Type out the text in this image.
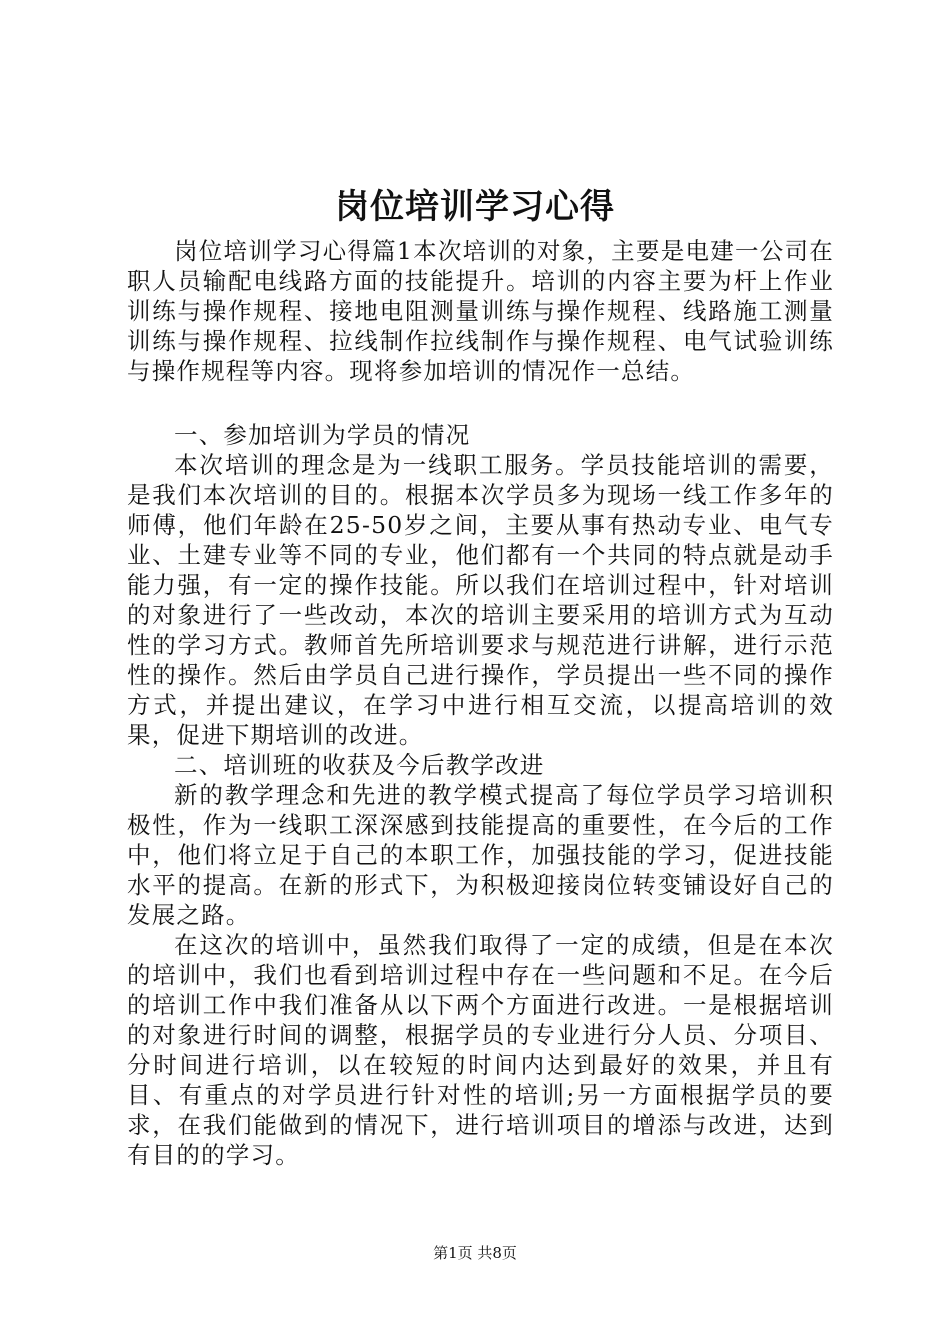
岗位培训学习心得

岗位培训学习心得篇1本次培训的对象，主要是电建一公司在职人员输配电线路方面的技能提升。培训的内容主要为杆上作业训练与操作规程、接地电阻测量训练与操作规程、线路施工测量训练与操作规程、拉线制作拉线制作与操作规程、电气试验训练与操作规程等内容。现将参加培训的情况作一总结。

一、参加培训为学员的情况

本次培训的理念是为一线职工服务。学员技能培训的需要，是我们本次培训的目的。根据本次学员多为现场一线工作多年的师傅，他们年龄在25-50岁之间，主要从事有热动专业、电气专业、土建专业等不同的专业，他们都有一个共同的特点就是动手能力强，有一定的操作技能。所以我们在培训过程中，针对培训的对象进行了一些改动，本次的培训主要采用的培训方式为互动性的学习方式。教师首先所培训要求与规范进行讲解，进行示范性的操作。然后由学员自己进行操作，学员提出一些不同的操作方式，并提出建议，在学习中进行相互交流，以提高培训的效果，促进下期培训的改进。

二、培训班的收获及今后教学改进

新的教学理念和先进的教学模式提高了每位学员学习培训积极性，作为一线职工深深感到技能提高的重要性，在今后的工作中，他们将立足于自己的本职工作，加强技能的学习，促进技能水平的提高。在新的形式下，为积极迎接岗位转变铺设好自己的发展之路。

在这次的培训中，虽然我们取得了一定的成绩，但是在本次的培训中，我们也看到培训过程中存在一些问题和不足。在今后的培训工作中我们准备从以下两个方面进行改进。一是根据培训的对象进行时间的调整，根据学员的专业进行分人员、分项目、分时间进行培训，以在较短的时间内达到最好的效果，并且有目、有重点的对学员进行针对性的培训;另一方面根据学员的要求，在我们能做到的情况下，进行培训项目的增添与改进，达到有目的的学习。

第1页 共8页
